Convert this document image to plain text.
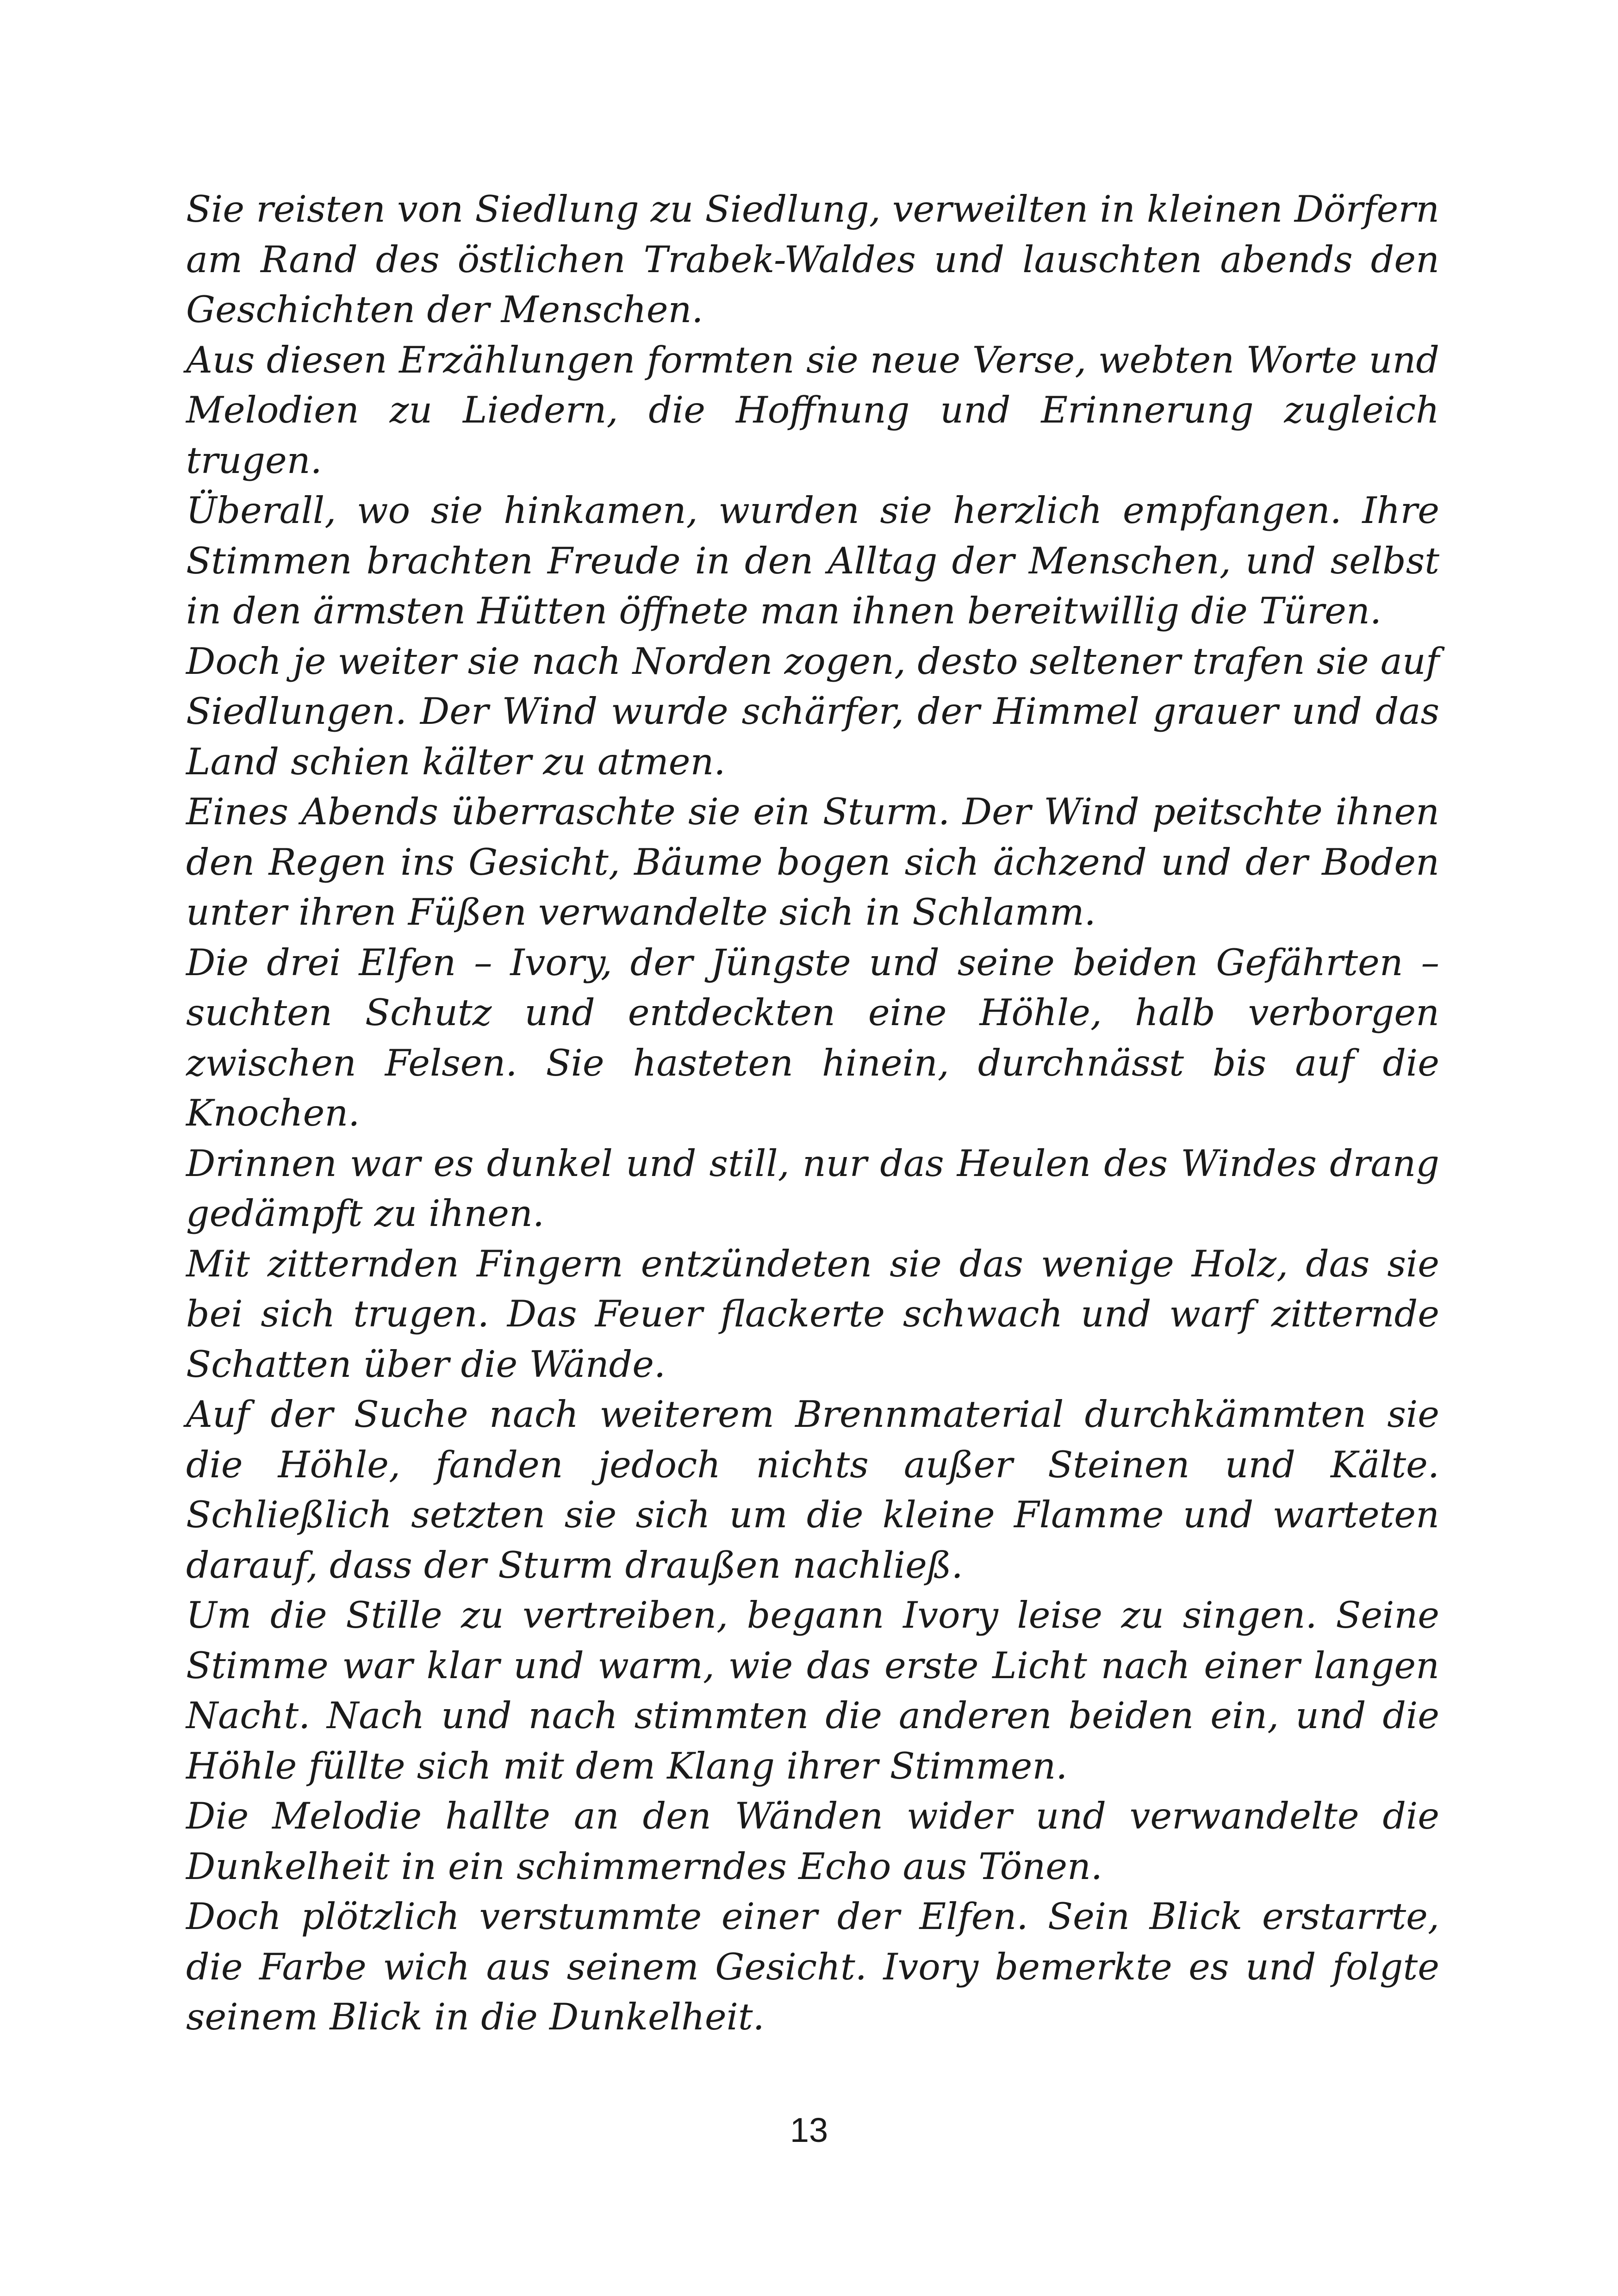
Sie reisten von Siedlung zu Siedlung, verweilten in kleinen Dörfern am Rand des östlichen Trabek-Waldes und lauschten abends den Geschichten der Menschen.

Aus diesen Erzählungen formten sie neue Verse, webten Worte und Melodien zu Liedern, die Hoffnung und Erinnerung zugleich trugen.

Überall, wo sie hinkamen, wurden sie herzlich empfangen. Ihre Stimmen brachten Freude in den Alltag der Menschen, und selbst in den ärmsten Hütten öffnete man ihnen bereitwillig die Türen.

Doch je weiter sie nach Norden zogen, desto seltener trafen sie auf Siedlungen. Der Wind wurde schärfer, der Himmel grauer und das Land schien kälter zu atmen.

Eines Abends überraschte sie ein Sturm. Der Wind peitschte ihnen den Regen ins Gesicht, Bäume bogen sich ächzend und der Boden unter ihren Füßen verwandelte sich in Schlamm.

Die drei Elfen – Ivory, der Jüngste und seine beiden Gefährten – suchten Schutz und entdeckten eine Höhle, halb verborgen zwischen Felsen. Sie hasteten hinein, durchnässt bis auf die Knochen.

Drinnen war es dunkel und still, nur das Heulen des Windes drang gedämpft zu ihnen.

Mit zitternden Fingern entzündeten sie das wenige Holz, das sie bei sich trugen. Das Feuer flackerte schwach und warf zitternde Schatten über die Wände.

Auf der Suche nach weiterem Brennmaterial durchkämmten sie die Höhle, fanden jedoch nichts außer Steinen und Kälte. Schließlich setzten sie sich um die kleine Flamme und warteten darauf, dass der Sturm draußen nachließ.

Um die Stille zu vertreiben, begann Ivory leise zu singen. Seine Stimme war klar und warm, wie das erste Licht nach einer langen Nacht. Nach und nach stimmten die anderen beiden ein, und die Höhle füllte sich mit dem Klang ihrer Stimmen.

Die Melodie hallte an den Wänden wider und verwandelte die Dunkelheit in ein schimmerndes Echo aus Tönen.

Doch plötzlich verstummte einer der Elfen. Sein Blick erstarrte, die Farbe wich aus seinem Gesicht. Ivory bemerkte es und folgte seinem Blick in die Dunkelheit.

13
